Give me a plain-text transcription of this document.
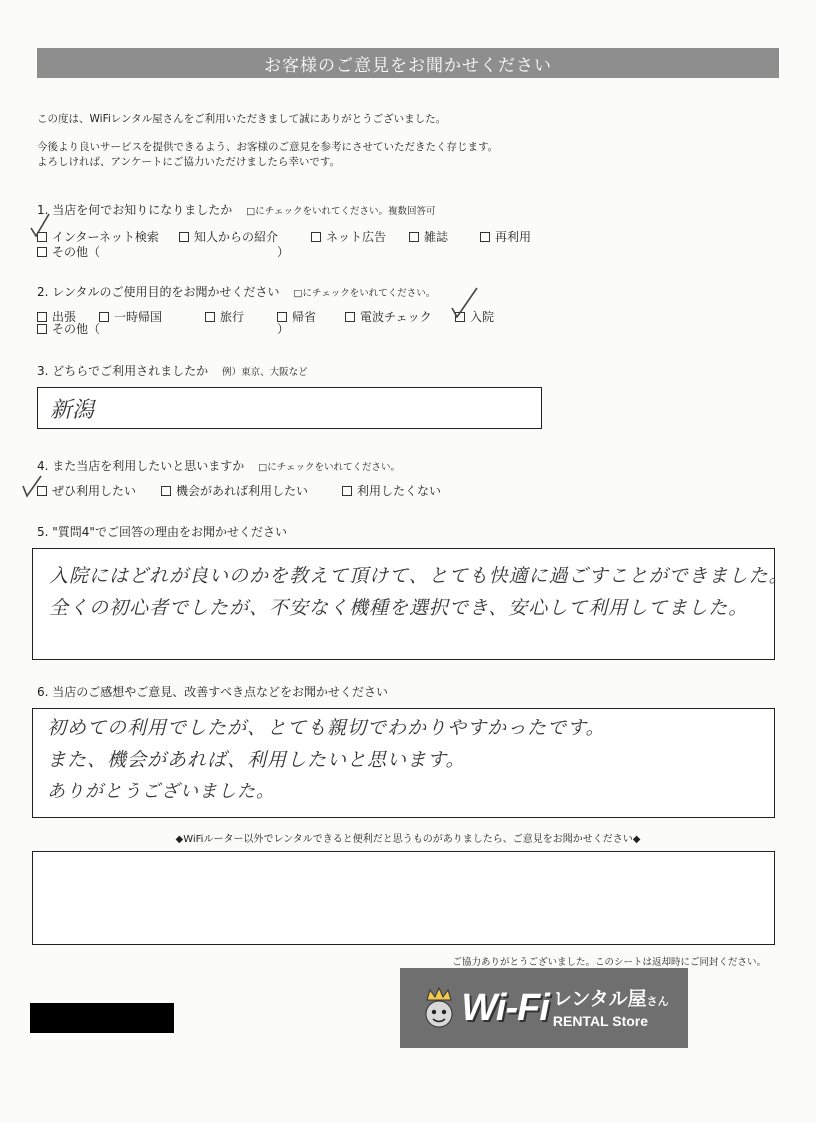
お客様のご意見をお聞かせください
この度は、WiFiレンタル屋さんをご利用いただきまして誠にありがとうございました。
今後より良いサービスを提供できるよう、お客様のご意見を参考にさせていただきたく存じます。
よろしければ、アンケートにご協力いただけましたら幸いです。
1. 当店を何でお知りになりましたか □にチェックをいれてください。複数回答可
インターネット検索	知人からの紹介	ネット広告	雑誌	再利用
その他（	）
2. レンタルのご使用目的をお聞かせください □にチェックをいれてください。
出張	一時帰国	旅行	帰省	電波チェック	入院
その他（	）
3. どちらでご利用されましたか 例）東京、大阪など
新潟
4. また当店を利用したいと思いますか □にチェックをいれてください。
ぜひ利用したい	機会があれば利用したい	利用したくない
5. "質問4"でご回答の理由をお聞かせください
入院にはどれが良いのかを教えて頂けて、とても快適に過ごすことができました。
全くの初心者でしたが、不安なく機種を選択でき、安心して利用してました。
6. 当店のご感想やご意見、改善すべき点などをお聞かせください
初めての利用でしたが、とても親切でわかりやすかったです。
また、機会があれば、利用したいと思います。
ありがとうございました。
◆WiFiルーター以外でレンタルできると便利だと思うものがありましたら、ご意見をお聞かせください◆
ご協力ありがとうございました。このシートは返却時にご同封ください。
Wi-Fi レンタル屋さん
RENTAL Store
